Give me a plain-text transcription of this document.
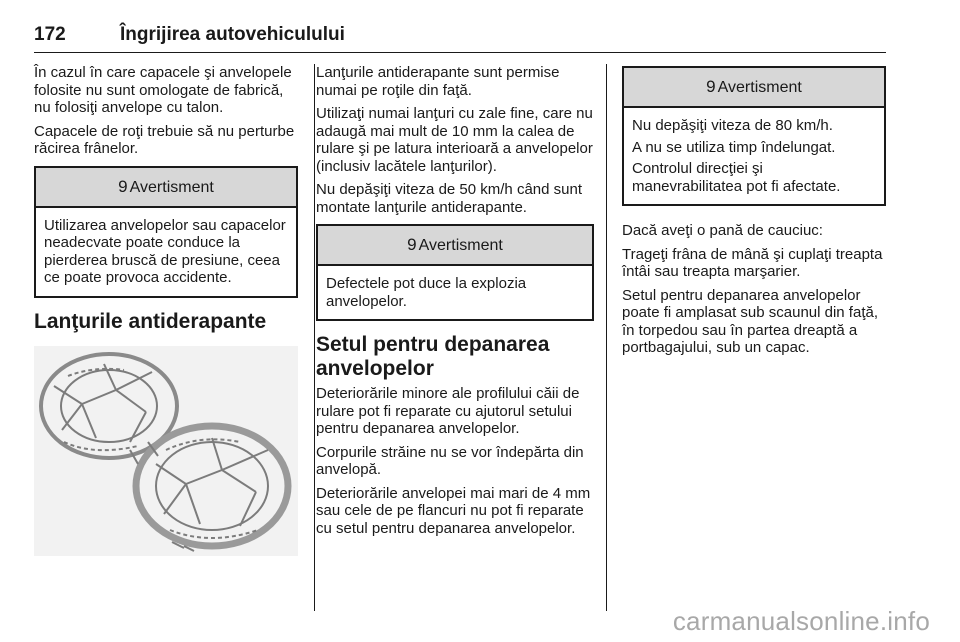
172	Îngrijirea autovehiculului

În cazul în care capacele şi anvelopele folosite nu sunt omologate de fabrică, nu folosiţi anvelope cu talon.

Capacele de roţi trebuie să nu perturbe răcirea frânelor.

9 Avertisment

Utilizarea anvelopelor sau capacelor neadecvate poate conduce la pierderea bruscă de presiune, ceea ce poate provoca accidente.

Lanţurile antiderapante

Lanţurile antiderapante sunt permise numai pe roţile din faţă.

Utilizaţi numai lanţuri cu zale fine, care nu adaugă mai mult de 10 mm la calea de rulare şi pe latura interioară a anvelopelor (inclusiv lacătele lanţurilor).

Nu depăşiţi viteza de 50 km/h când sunt montate lanţurile antiderapante.

9 Avertisment

Defectele pot duce la explozia anvelopelor.

Setul pentru depanarea anvelopelor

Deteriorările minore ale profilului căii de rulare pot fi reparate cu ajutorul setului pentru depanarea anvelopelor.

Corpurile străine nu se vor îndepărta din anvelopă.

Deteriorările anvelopei mai mari de 4 mm sau cele de pe flancuri nu pot fi reparate cu setul pentru depanarea anvelopelor.

9 Avertisment

Nu depăşiţi viteza de 80 km/h.

A nu se utiliza timp îndelungat.

Controlul direcţiei şi manevrabilitatea pot fi afectate.

Dacă aveţi o pană de cauciuc:

Trageţi frâna de mână şi cuplaţi treapta întâi sau treapta marşarier.

Setul pentru depanarea anvelopelor poate fi amplasat sub scaunul din faţă, în torpedou sau în partea dreaptă a portbagajului, sub un capac.

carmanualsonline.info
